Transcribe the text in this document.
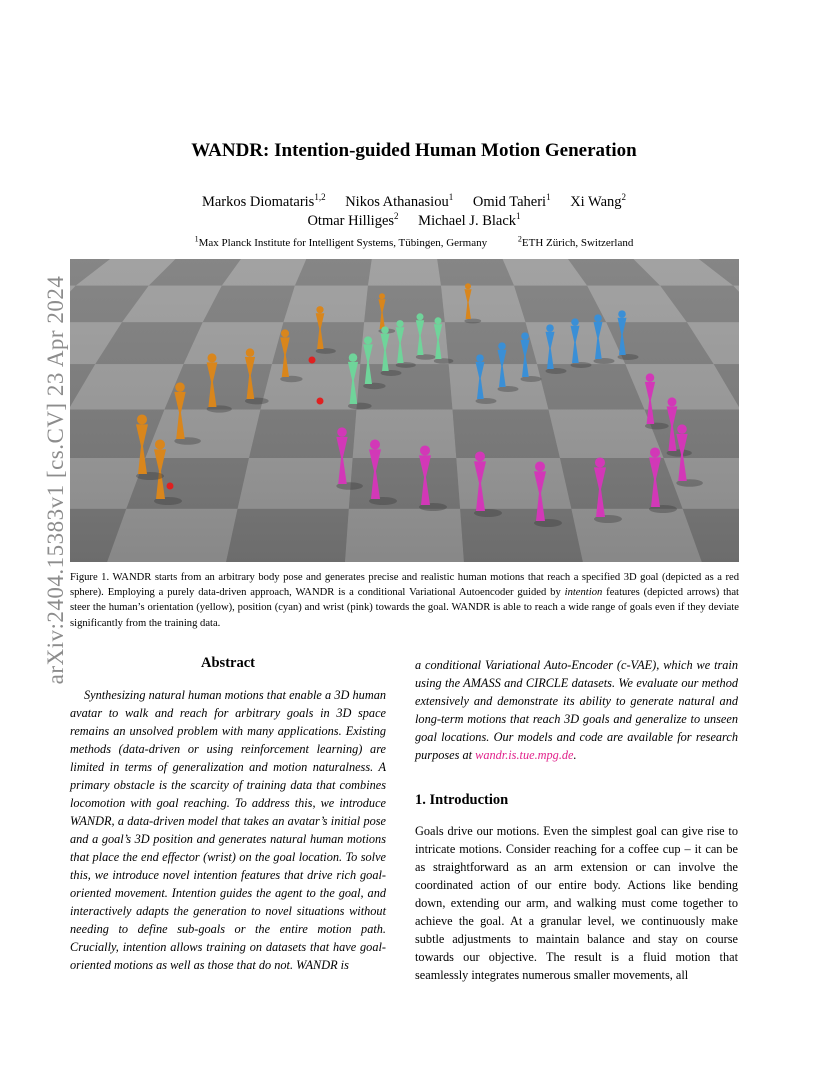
arXiv:2404.15383v1 [cs.CV] 23 Apr 2024
WANDR: Intention-guided Human Motion Generation
Markos Diomataris$^{1,2}$ Nikos Athanasiou$^1$ Omid Taheri$^1$ Xi Wang$^2$
Otmar Hilliges$^2$ Michael J. Black$^1$
$^1$Max Planck Institute for Intelligent Systems, Tübingen, Germany	$^2$ETH Zürich, Switzerland
Figure 1. WANDR starts from an arbitrary body pose and generates precise and realistic human motions that reach a specified 3D goal (depicted as a red sphere). Employing a purely data-driven approach, WANDR is a conditional Variational Autoencoder guided by intention features (depicted arrows) that steer the human’s orientation (yellow), position (cyan) and wrist (pink) towards the goal. WANDR is able to reach a wide range of goals even if they deviate significantly from the training data.
Abstract
Synthesizing natural human motions that enable a 3D human avatar to walk and reach for arbitrary goals in 3D space remains an unsolved problem with many applications. Existing methods (data-driven or using reinforcement learning) are limited in terms of generalization and motion naturalness. A primary obstacle is the scarcity of training data that combines locomotion with goal reaching. To address this, we introduce WANDR, a data-driven model that takes an avatar’s initial pose and a goal’s 3D position and generates natural human motions that place the end effector (wrist) on the goal location. To solve this, we introduce novel intention features that drive rich goal-oriented movement. Intention guides the agent to the goal, and interactively adapts the generation to novel situations without needing to define sub-goals or the entire motion path. Crucially, intention allows training on datasets that have goal-oriented motions as well as those that do not. WANDR is
a conditional Variational Auto-Encoder (c-VAE), which we train using the AMASS and CIRCLE datasets. We evaluate our method extensively and demonstrate its ability to generate natural and long-term motions that reach 3D goals and generalize to unseen goal locations. Our models and code are available for research purposes at wandr.is.tue.mpg.de.
1. Introduction
Goals drive our motions. Even the simplest goal can give rise to intricate motions. Consider reaching for a coffee cup – it can be as straightforward as an arm extension or can involve the coordinated action of our entire body. Actions like bending down, extending our arm, and walking must come together to achieve the goal. At a granular level, we continuously make subtle adjustments to maintain balance and stay on course towards our objective. The result is a fluid motion that seamlessly integrates numerous smaller movements, all
